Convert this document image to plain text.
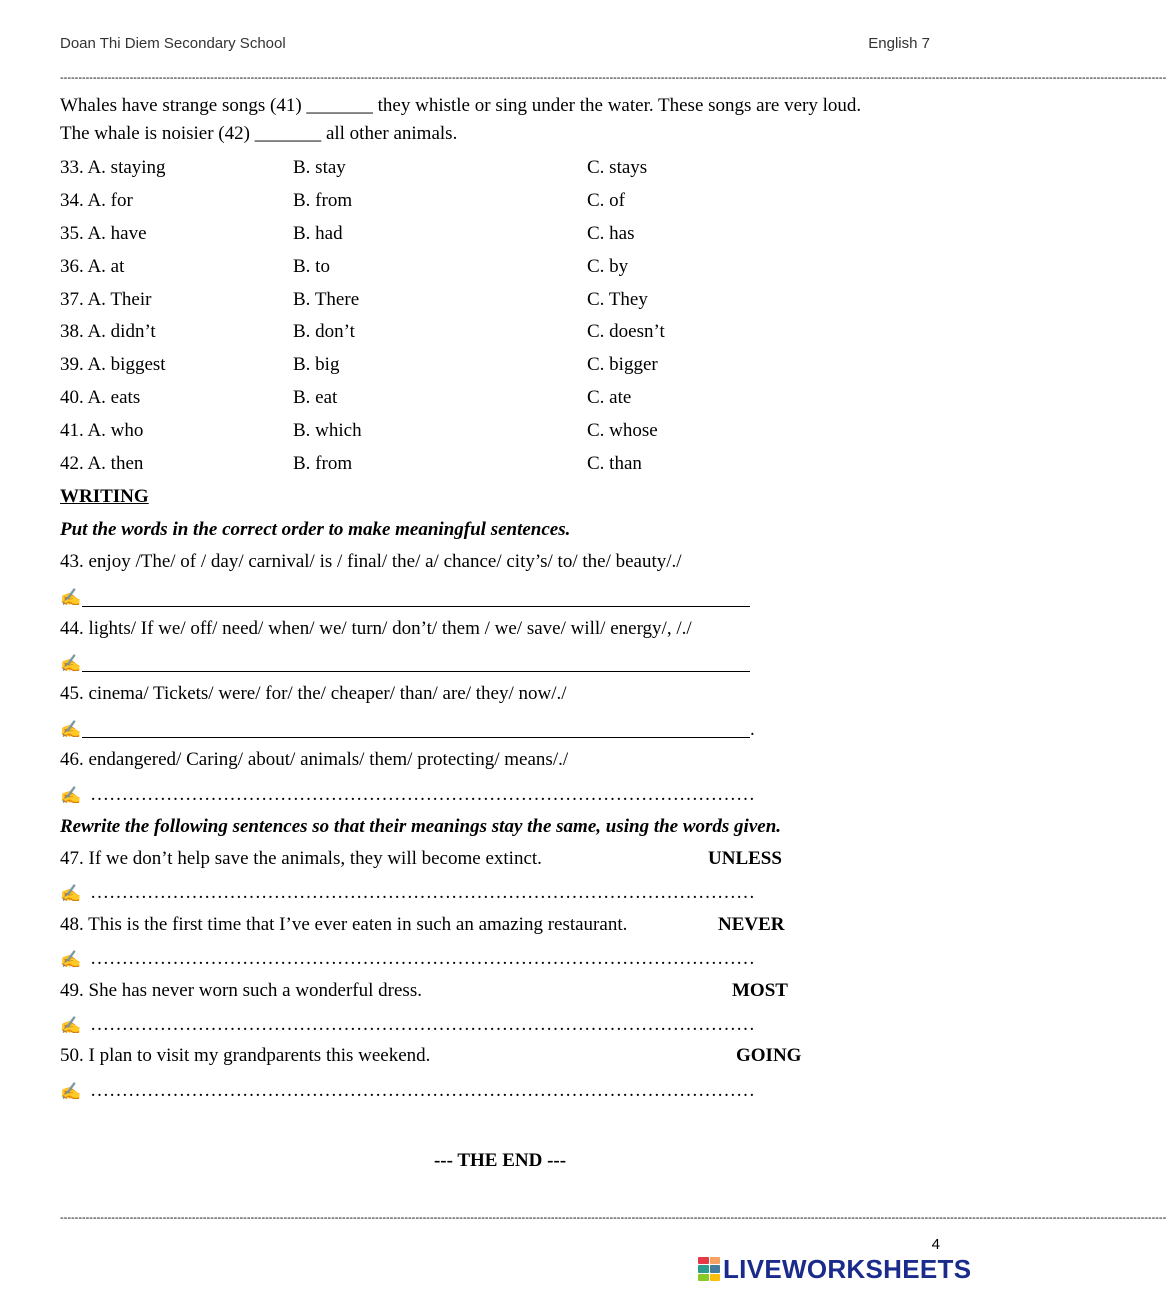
Doan Thi Diem Secondary School	English 7
--------------------------------------------------------------------------------------------------------------------------------------------------------------------------------------------------------------------------------------------------------------------------------------------------------------
Whales have strange songs (41) _______ they whistle or sing under the water. These songs are very loud.
The whale is noisier (42) _______ all other animals.
33. A. staying	B. stay	C. stays
34. A. for	B. from	C. of
35. A. have	B. had	C. has
36. A. at	B. to	C. by
37. A. Their	B. There	C. They
38. A. didn’t	B. don’t	C. doesn’t
39. A. biggest	B. big	C. bigger
40. A. eats	B. eat	C. ate
41. A. who	B. which	C. whose
42. A. then	B. from	C. than
WRITING
Put the words in the correct order to make meaningful sentences.
43. enjoy /The/ of / day/ carnival/ is / final/ the/ a/ chance/ city’s/ to/ the/ beauty/./
✍
44. lights/ If we/ off/ need/ when/ we/ turn/ don’t/ them / we/ save/ will/ energy/, /./
✍
45. cinema/ Tickets/ were/ for/ the/ cheaper/ than/ are/ they/ now/./
✍	.
46. endangered/ Caring/ about/ animals/ them/ protecting/ means/./
✍ ……………………………………………………………………………………………
Rewrite the following sentences so that their meanings stay the same, using the words given.
47. If we don’t help save the animals, they will become extinct.	UNLESS
✍ ……………………………………………………………………………………………
48. This is the first time that I’ve ever eaten in such an amazing restaurant.	NEVER
✍ ……………………………………………………………………………………………
49. She has never worn such a wonderful dress.	MOST
✍ ……………………………………………………………………………………………
50. I plan to visit my grandparents this weekend.	GOING
✍ ……………………………………………………………………………………………
--- THE END ---
--------------------------------------------------------------------------------------------------------------------------------------------------------------------------------------------------------------------------------------------------------------------------------------------------------------
4
LIVEWORKSHEETS
